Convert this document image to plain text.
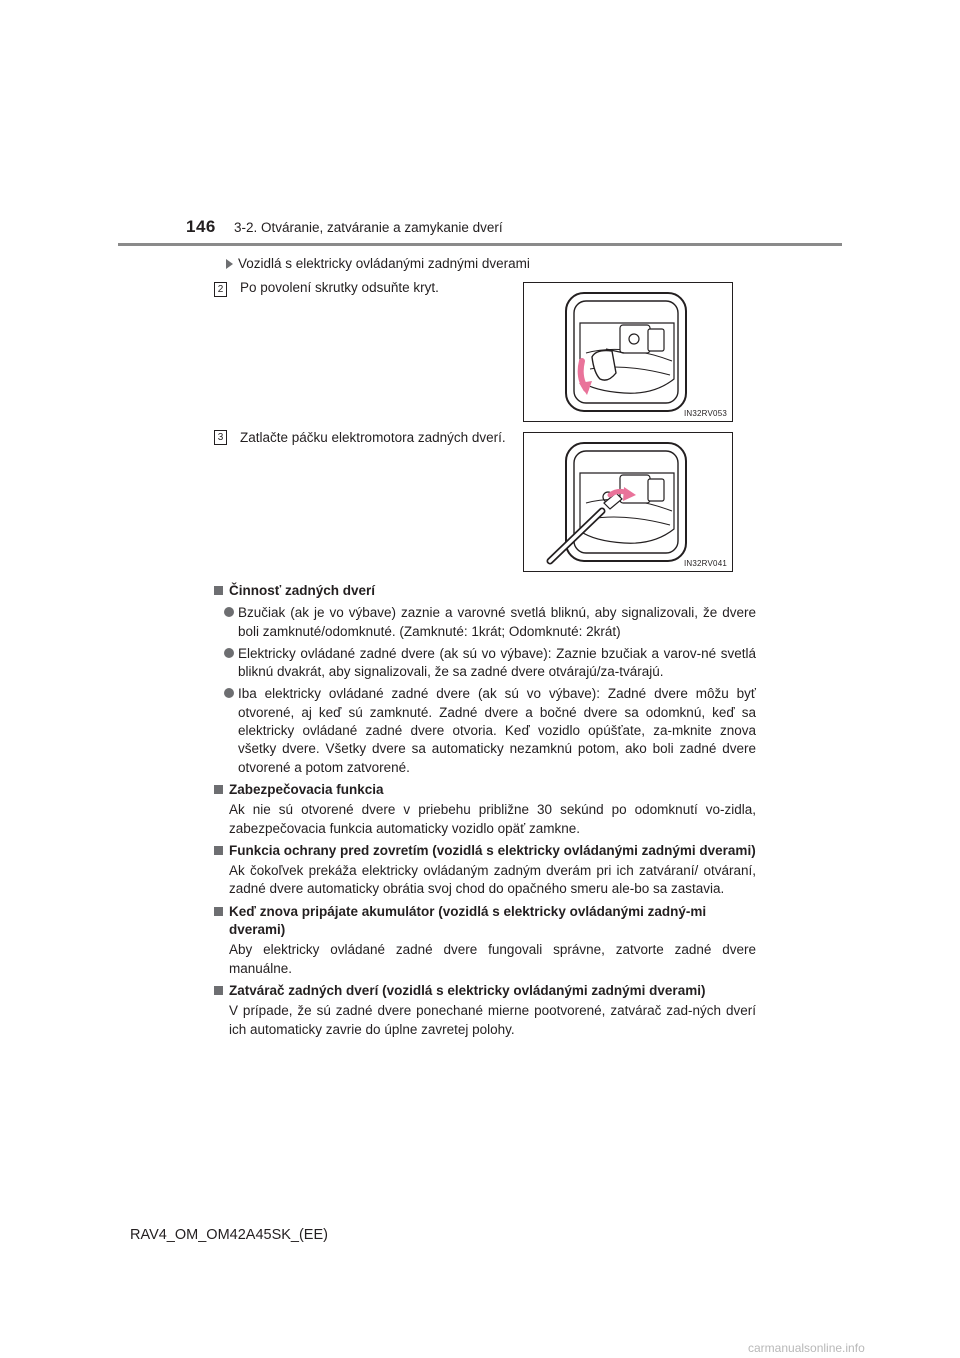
146 3-2. Otváranie, zatváranie a zamykanie dverí
Vozidlá s elektricky ovládanými zadnými dverami
2 Po povolení skrutky odsuňte kryt.
IN32RV053
3 Zatlačte páčku elektromotora zadných dverí.
IN32RV041
Činnosť zadných dverí
Bzučiak (ak je vo výbave) zaznie a varovné svetlá bliknú, aby signalizovali, že dvere boli zamknuté/odomknuté. (Zamknuté: 1krát; Odomknuté: 2krát)
Elektricky ovládané zadné dvere (ak sú vo výbave): Zaznie bzučiak a varov-né svetlá bliknú dvakrát, aby signalizovali, že sa zadné dvere otvárajú/za-tvárajú.
Iba elektricky ovládané zadné dvere (ak sú vo výbave): Zadné dvere môžu byť otvorené, aj keď sú zamknuté. Zadné dvere a bočné dvere sa odomknú, keď sa elektricky ovládané zadné dvere otvoria. Keď vozidlo opúšťate, za-mknite znova všetky dvere. Všetky dvere sa automaticky nezamknú potom, ako boli zadné dvere otvorené a potom zatvorené.
Zabezpečovacia funkcia
Ak nie sú otvorené dvere v priebehu približne 30 sekúnd po odomknutí vo-zidla, zabezpečovacia funkcia automaticky vozidlo opäť zamkne.
Funkcia ochrany pred zovretím (vozidlá s elektricky ovládanými zadnými dverami)
Ak čokoľvek prekáža elektricky ovládaným zadným dverám pri ich zatváraní/ otváraní, zadné dvere automaticky obrátia svoj chod do opačného smeru ale-bo sa zastavia.
Keď znova pripájate akumulátor (vozidlá s elektricky ovládanými zadný-mi dverami)
Aby elektricky ovládané zadné dvere fungovali správne, zatvorte zadné dvere manuálne.
Zatvárač zadných dverí (vozidlá s elektricky ovládanými zadnými dverami)
V prípade, že sú zadné dvere ponechané mierne pootvorené, zatvárač zad-ných dverí ich automaticky zavrie do úplne zavretej polohy.
RAV4_OM_OM42A45SK_(EE)
carmanualsonline.info
